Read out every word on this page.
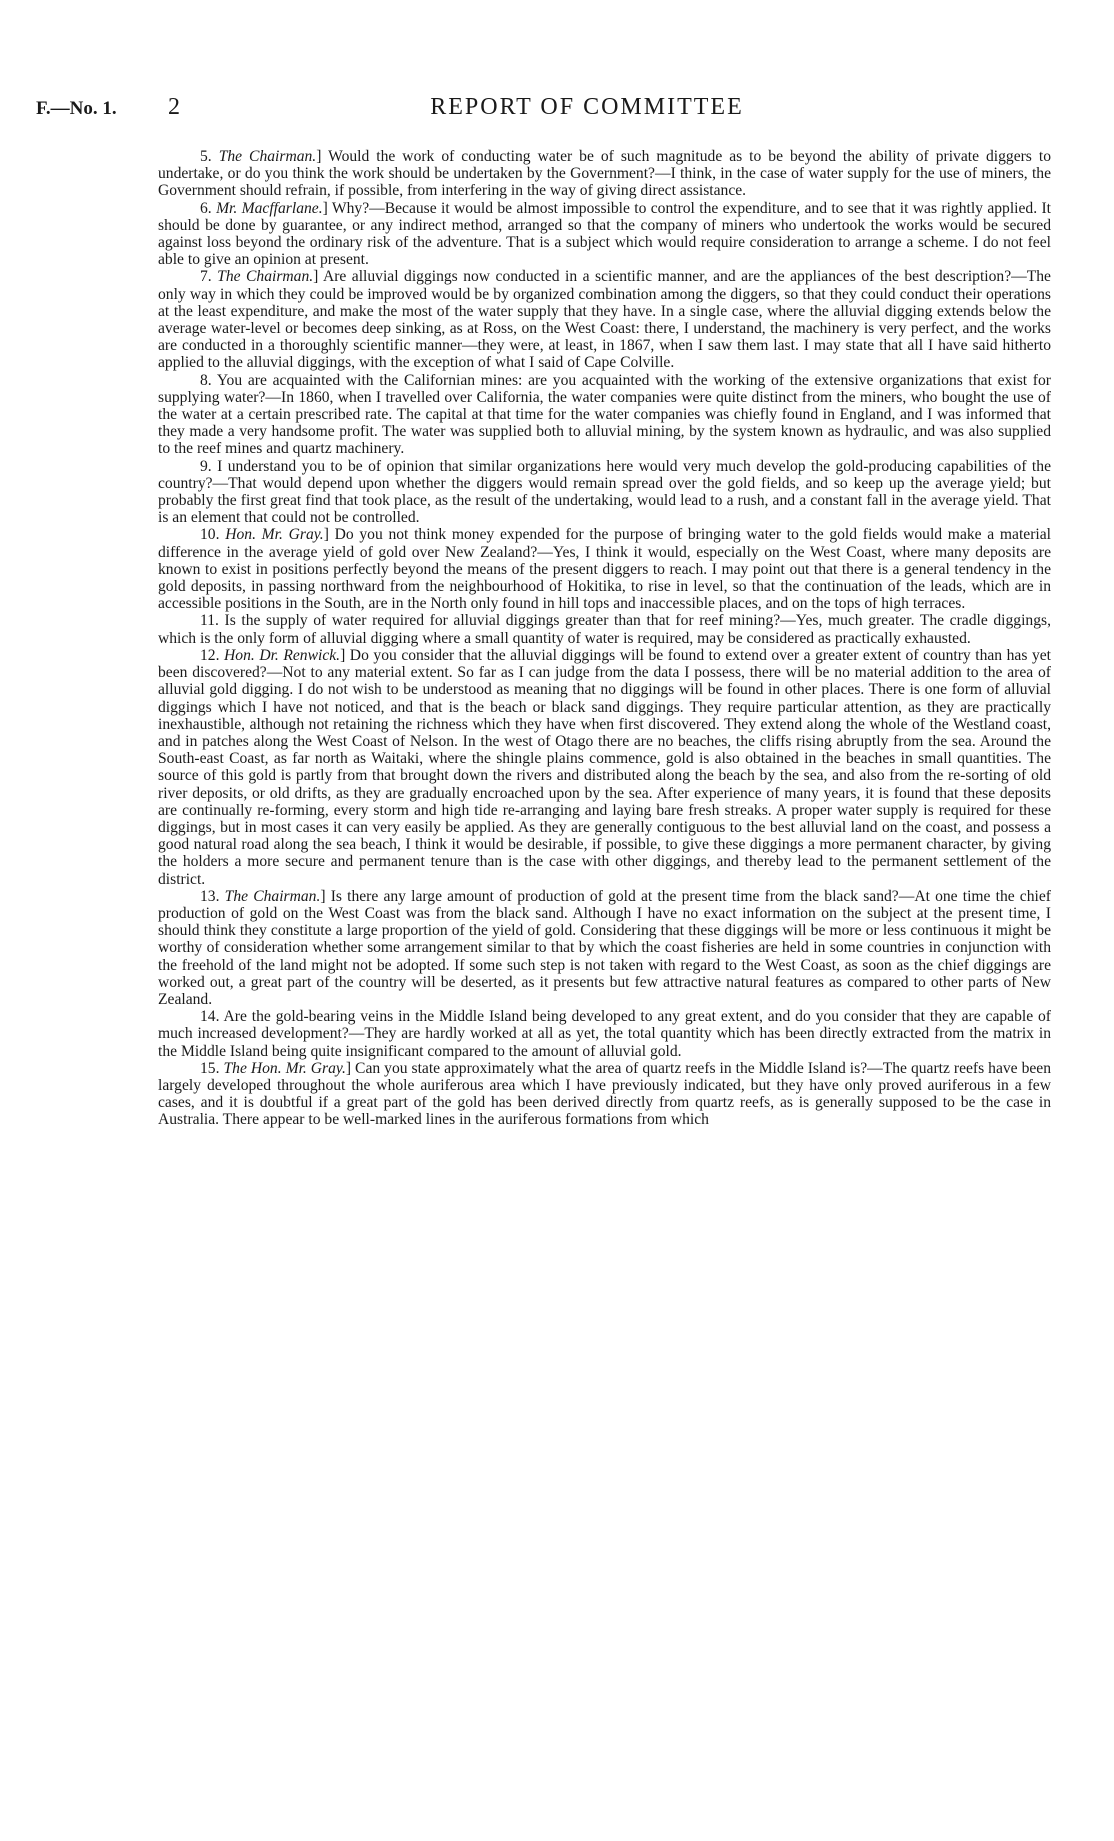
F.—No. 1. 2	REPORT OF COMMITTEE

5. The Chairman.] Would the work of conducting water be of such magnitude as to be beyond the ability of private diggers to undertake, or do you think the work should be undertaken by the Government?—I think, in the case of water supply for the use of miners, the Government should refrain, if possible, from interfering in the way of giving direct assistance.

6. Mr. Macffarlane.] Why?—Because it would be almost impossible to control the expenditure, and to see that it was rightly applied. It should be done by guarantee, or any indirect method, arranged so that the company of miners who undertook the works would be secured against loss beyond the ordinary risk of the adventure. That is a subject which would require consideration to arrange a scheme. I do not feel able to give an opinion at present.

7. The Chairman.] Are alluvial diggings now conducted in a scientific manner, and are the appliances of the best description?—The only way in which they could be improved would be by organized combination among the diggers, so that they could conduct their operations at the least expenditure, and make the most of the water supply that they have. In a single case, where the alluvial digging extends below the average water-level or becomes deep sinking, as at Ross, on the West Coast: there, I understand, the machinery is very perfect, and the works are conducted in a thoroughly scientific manner—they were, at least, in 1867, when I saw them last. I may state that all I have said hitherto applied to the alluvial diggings, with the exception of what I said of Cape Colville.

8. You are acquainted with the Californian mines: are you acquainted with the working of the extensive organizations that exist for supplying water?—In 1860, when I travelled over California, the water companies were quite distinct from the miners, who bought the use of the water at a certain prescribed rate. The capital at that time for the water companies was chiefly found in England, and I was informed that they made a very handsome profit. The water was supplied both to alluvial mining, by the system known as hydraulic, and was also supplied to the reef mines and quartz machinery.

9. I understand you to be of opinion that similar organizations here would very much develop the gold-producing capabilities of the country?—That would depend upon whether the diggers would remain spread over the gold fields, and so keep up the average yield; but probably the first great find that took place, as the result of the undertaking, would lead to a rush, and a constant fall in the average yield. That is an element that could not be controlled.

10. Hon. Mr. Gray.] Do you not think money expended for the purpose of bringing water to the gold fields would make a material difference in the average yield of gold over New Zealand?—Yes, I think it would, especially on the West Coast, where many deposits are known to exist in positions perfectly beyond the means of the present diggers to reach. I may point out that there is a general tendency in the gold deposits, in passing northward from the neighbourhood of Hokitika, to rise in level, so that the continuation of the leads, which are in accessible positions in the South, are in the North only found in hill tops and inaccessible places, and on the tops of high terraces.

11. Is the supply of water required for alluvial diggings greater than that for reef mining?—Yes, much greater. The cradle diggings, which is the only form of alluvial digging where a small quantity of water is required, may be considered as practically exhausted.

12. Hon. Dr. Renwick.] Do you consider that the alluvial diggings will be found to extend over a greater extent of country than has yet been discovered?—Not to any material extent. So far as I can judge from the data I possess, there will be no material addition to the area of alluvial gold digging. I do not wish to be understood as meaning that no diggings will be found in other places. There is one form of alluvial diggings which I have not noticed, and that is the beach or black sand diggings. They require particular attention, as they are practically inexhaustible, although not retaining the richness which they have when first discovered. They extend along the whole of the Westland coast, and in patches along the West Coast of Nelson. In the west of Otago there are no beaches, the cliffs rising abruptly from the sea. Around the South-east Coast, as far north as Waitaki, where the shingle plains commence, gold is also obtained in the beaches in small quantities. The source of this gold is partly from that brought down the rivers and distributed along the beach by the sea, and also from the re-sorting of old river deposits, or old drifts, as they are gradually encroached upon by the sea. After experience of many years, it is found that these deposits are continually re-forming, every storm and high tide re-arranging and laying bare fresh streaks. A proper water supply is required for these diggings, but in most cases it can very easily be applied. As they are generally contiguous to the best alluvial land on the coast, and possess a good natural road along the sea beach, I think it would be desirable, if possible, to give these diggings a more permanent character, by giving the holders a more secure and permanent tenure than is the case with other diggings, and thereby lead to the permanent settlement of the district.

13. The Chairman.] Is there any large amount of production of gold at the present time from the black sand?—At one time the chief production of gold on the West Coast was from the black sand. Although I have no exact information on the subject at the present time, I should think they constitute a large proportion of the yield of gold. Considering that these diggings will be more or less continuous it might be worthy of consideration whether some arrangement similar to that by which the coast fisheries are held in some countries in conjunction with the freehold of the land might not be adopted. If some such step is not taken with regard to the West Coast, as soon as the chief diggings are worked out, a great part of the country will be deserted, as it presents but few attractive natural features as compared to other parts of New Zealand.

14. Are the gold-bearing veins in the Middle Island being developed to any great extent, and do you consider that they are capable of much increased development?—They are hardly worked at all as yet, the total quantity which has been directly extracted from the matrix in the Middle Island being quite insignificant compared to the amount of alluvial gold.

15. The Hon. Mr. Gray.] Can you state approximately what the area of quartz reefs in the Middle Island is?—The quartz reefs have been largely developed throughout the whole auriferous area which I have previously indicated, but they have only proved auriferous in a few cases, and it is doubtful if a great part of the gold has been derived directly from quartz reefs, as is generally supposed to be the case in Australia. There appear to be well-marked lines in the auriferous formations from which
